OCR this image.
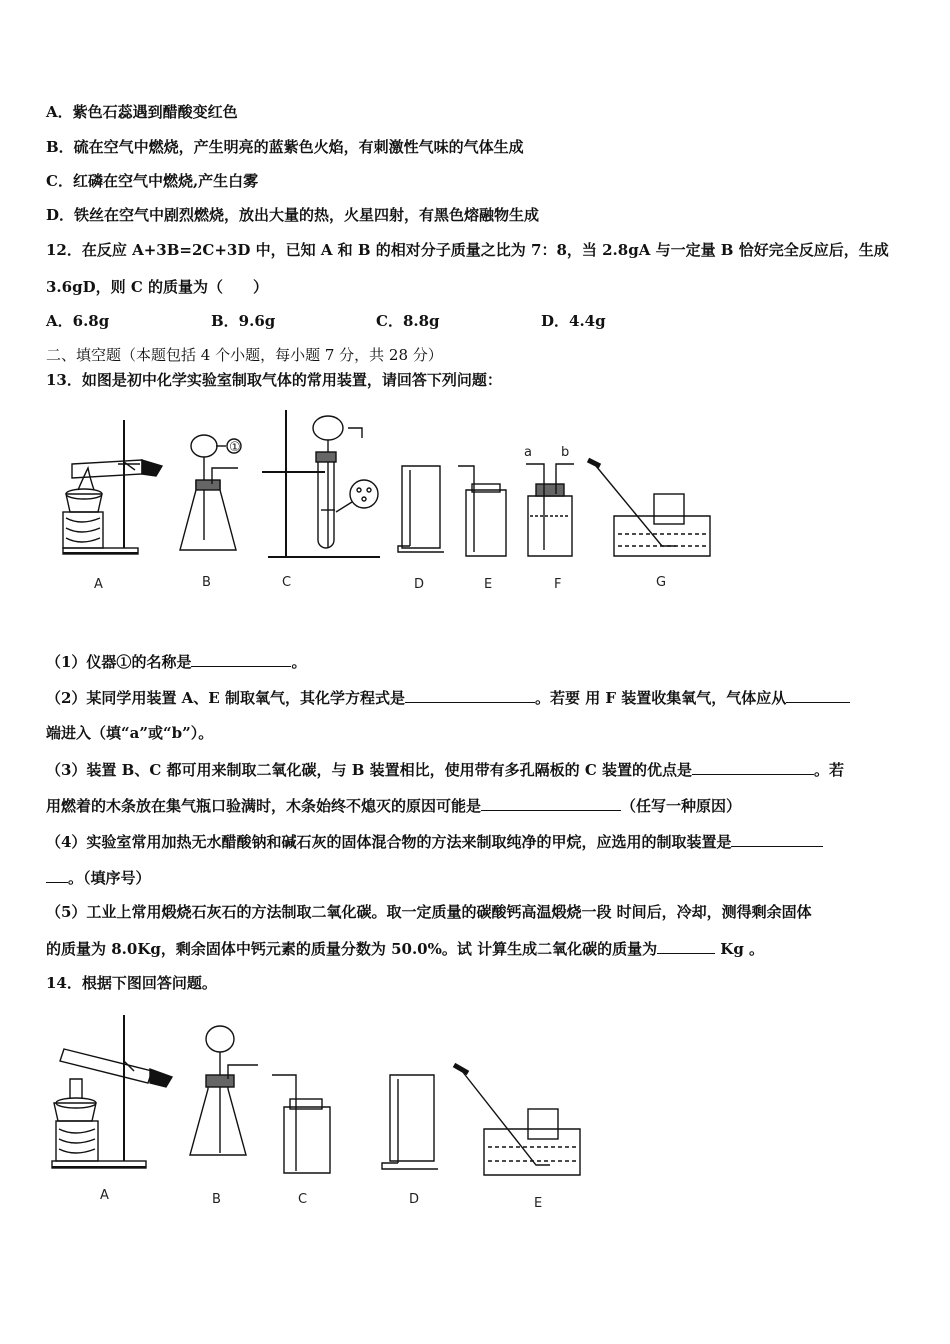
A．紫色石蕊遇到醋酸变红色
B．硫在空气中燃烧，产生明亮的蓝紫色火焰，有刺激性气味的气体生成
C．红磷在空气中燃烧,产生白雾
D．铁丝在空气中剧烈燃烧，放出大量的热，火星四射，有黑色熔融物生成
12．在反应 A+3B=2C+3D 中，已知 A 和 B 的相对分子质量之比为 7：8，当 2.8gA 与一定量 B 恰好完全反应后，生成
3.6gD，则 C 的质量为（　　）
A．6.8g	B．9.6g	C．8.8g	D．4.4g
二、填空题（本题包括 4 个小题，每小题 7 分，共 28 分）
13．如图是初中化学实验室制取气体的常用装置，请回答下列问题：
a b
A	B	C	D	E	F	G
①
（1）仪器①的名称是	。
（2）某同学用装置 A、E 制取氧气，其化学方程式是	。若要 用 F 装置收集氧气，气体应从
端进入（填“a”或“b”）。
（3）装置 B、C 都可用来制取二氧化碳，与 B 装置相比，使用带有多孔隔板的 C 装置的优点是	。若
用燃着的木条放在集气瓶口验满时，木条始终不熄灭的原因可能是	（任写一种原因）
（4）实验室常用加热无水醋酸钠和碱石灰的固体混合物的方法来制取纯净的甲烷，应选用的制取装置是
。（填序号）
（5）工业上常用煅烧石灰石的方法制取二氧化碳。取一定质量的碳酸钙高温煅烧一段 时间后，冷却，测得剩余固体
的质量为 8.0Kg，剩余固体中钙元素的质量分数为 50.0%。试 计算生成二氧化碳的质量为	Kg 。
14．根据下图回答问题。
A	B	C	D	E
